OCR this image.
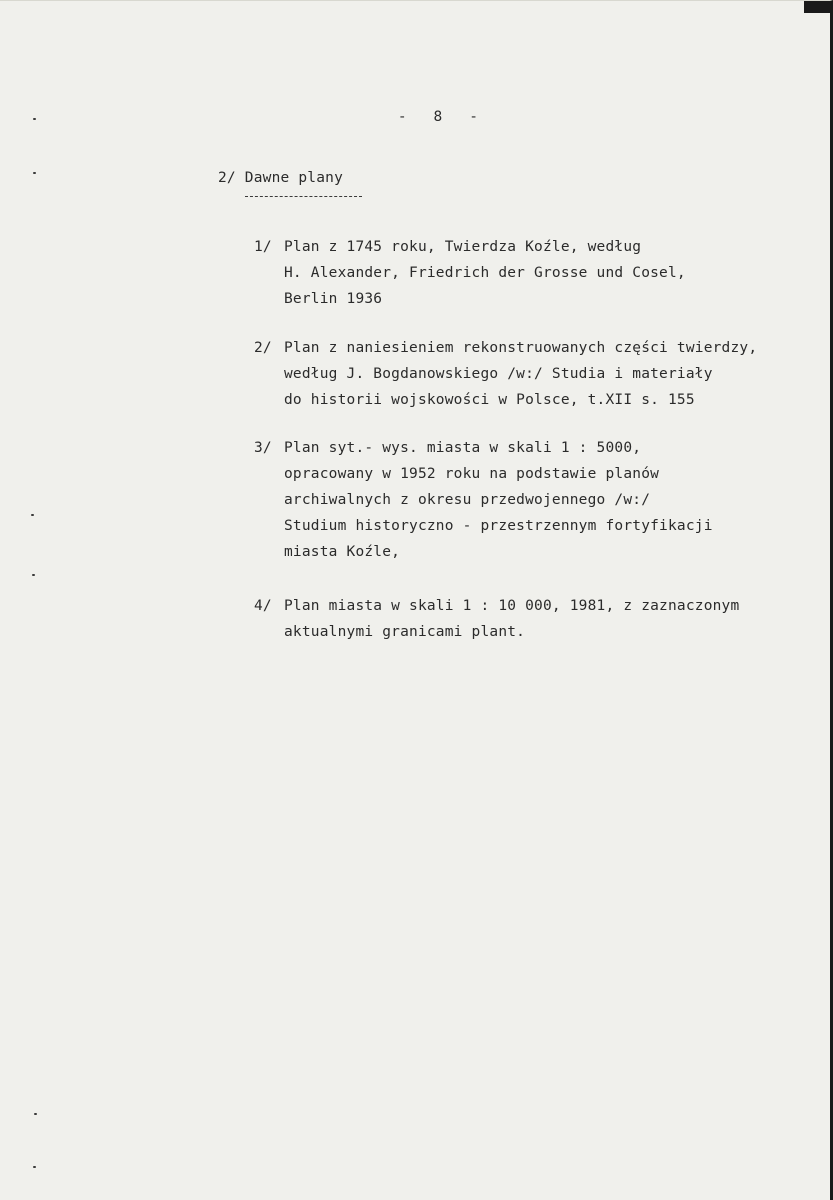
-   8   -
2/ Dawne plany
1/ Plan z 1745 roku, Twierdza Koźle, według
H. Alexander, Friedrich der Grosse und Cosel,
Berlin 1936
2/ Plan z naniesieniem rekonstruowanych części twierdzy,
według J. Bogdanowskiego /w:/ Studia i materiały
do historii wojskowości w Polsce, t.XII s. 155
3/ Plan syt.- wys. miasta w skali 1 : 5000,
opracowany w 1952 roku na podstawie planów
archiwalnych z okresu przedwojennego /w:/
Studium historyczno - przestrzennym fortyfikacji
miasta Koźle,
4/ Plan miasta w skali 1 : 10 000, 1981, z zaznaczonym
aktualnymi granicami plant.
